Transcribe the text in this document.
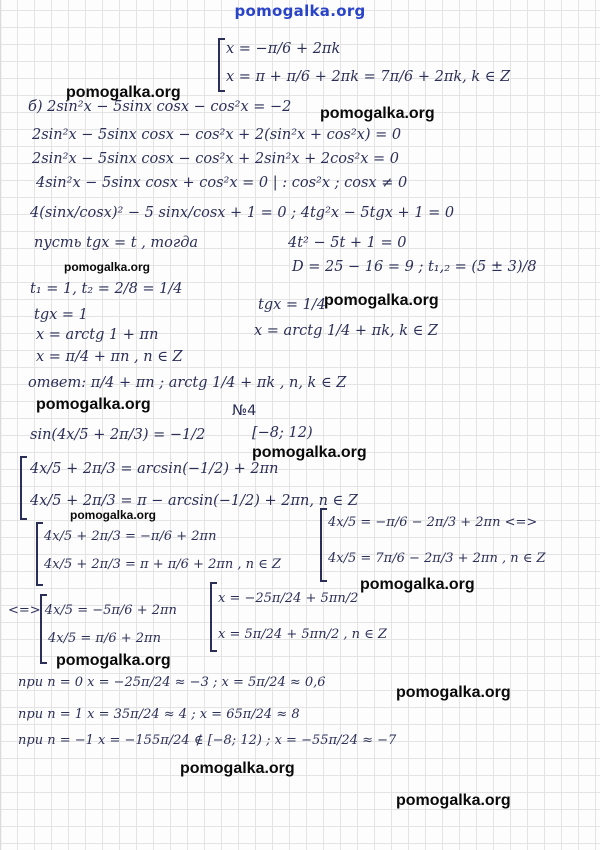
pomogalka.org
x = −π/6 + 2πk
x = π + π/6 + 2πk = 7π/6 + 2πk, k ∈ Z
б) 2sin²x − 5sinx cosx − cos²x = −2
2sin²x − 5sinx cosx − cos²x + 2(sin²x + cos²x) = 0
2sin²x − 5sinx cosx − cos²x + 2sin²x + 2cos²x = 0
4sin²x − 5sinx cosx + cos²x = 0 | : cos²x ; cosx ≠ 0
4(sinx/cosx)² − 5 sinx/cosx + 1 = 0 ; 4tg²x − 5tgx + 1 = 0
пусть tgx = t , тогда	4t² − 5t + 1 = 0
D = 25 − 16 = 9 ; t₁,₂ = (5 ± 3)/8
t₁ = 1, t₂ = 2/8 = 1/4
tgx = 1/4
tgx = 1
x = arctg 1/4 + πk, k ∈ Z
x = arctg 1 + πn
x = π/4 + πn , n ∈ Z
ответ: π/4 + πn ; arctg 1/4 + πk , n, k ∈ Z
№4
sin(4x/5 + 2π/3) = −1/2	[−8; 12)
4x/5 + 2π/3 = arcsin(−1/2) + 2πn
4x/5 + 2π/3 = π − arcsin(−1/2) + 2πn, n ∈ Z
4x/5 + 2π/3 = −π/6 + 2πn
4x/5 = −π/6 − 2π/3 + 2πn <=>
4x/5 + 2π/3 = π + π/6 + 2πn , n ∈ Z	4x/5 = 7π/6 − 2π/3 + 2πn , n ∈ Z
<=> 4x/5 = −5π/6 + 2πn
x = −25π/24 + 5πn/2
4x/5 = π/6 + 2πn	x = 5π/24 + 5πn/2 , n ∈ Z
при n = 0 x = −25π/24 ≈ −3 ; x = 5π/24 ≈ 0,6
при n = 1 x = 35π/24 ≈ 4 ; x = 65π/24 ≈ 8
при n = −1 x = −155π/24 ∉ [−8; 12) ; x = −55π/24 ≈ −7
pomogalka.org
pomogalka.org
pomogalka.org
pomogalka.org
pomogalka.org
pomogalka.org
pomogalka.org
pomogalka.org
pomogalka.org
pomogalka.org
pomogalka.org
pomogalka.org
